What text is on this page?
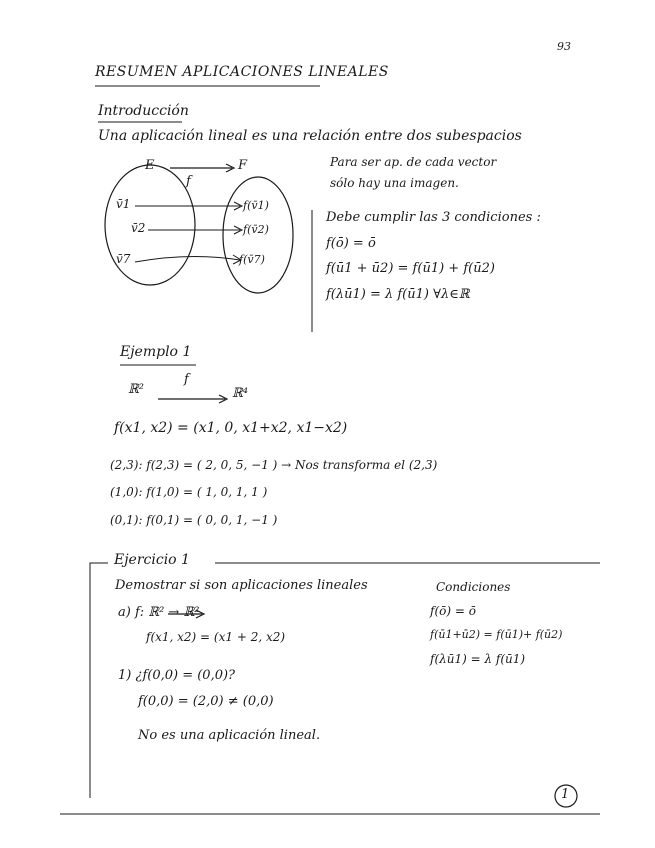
93
RESUMEN APLICACIONES LINEALES
Introducción
Una aplicación lineal es una relación entre dos subespacios
E	F
f
v̄1
v̄2
v̄7
f(v̄1)
f(v̄2)
f(v̄7)
Para ser ap. de cada vector
sólo hay una imagen.
Debe cumplir las 3 condiciones :
f(ō) = ō
f(ū1 + ū2) = f(ū1) + f(ū2)
f(λū1) = λ f(ū1) ∀λ∈ℝ
Ejemplo 1
ℝ²
f
ℝ⁴
f(x1, x2) = (x1, 0, x1+x2, x1−x2)
(2,3): f(2,3) = ( 2, 0, 5, −1 ) → Nos transforma el (2,3)
(1,0): f(1,0) = ( 1, 0, 1, 1 )
(0,1): f(0,1) = ( 0, 0, 1, −1 )
Ejercicio 1
Demostrar si son aplicaciones lineales
a) f: ℝ² → ℝ²
f(x1, x2) = (x1 + 2, x2)
1) ¿f(0,0) = (0,0)?
f(0,0) = (2,0) ≠ (0,0)
No es una aplicación lineal.
Condiciones
f(ō) = ō
f(ū1+ū2) = f(ū1)+ f(ū2)
f(λū1) = λ f(ū1)
1
